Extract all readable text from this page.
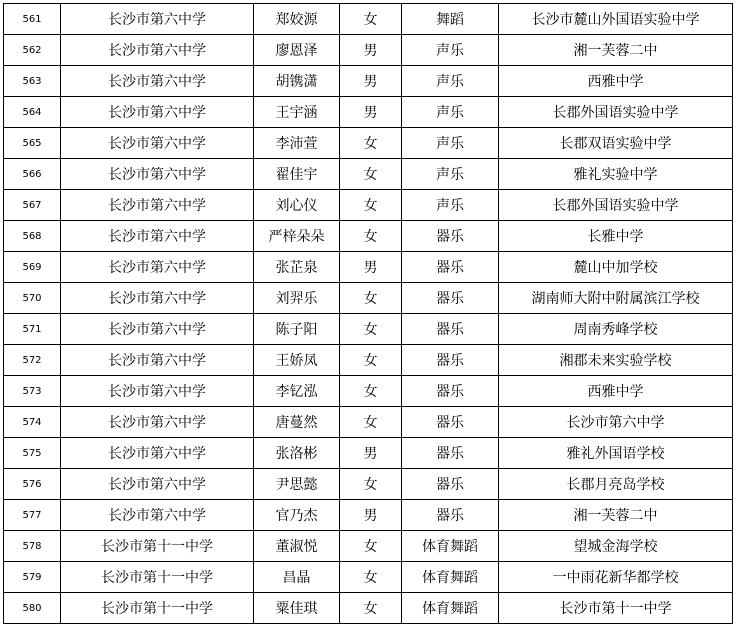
561	长沙市第六中学	郑姣源	女	舞蹈	长沙市麓山外国语实验中学
562	长沙市第六中学	廖恩泽	男	声乐	湘一芙蓉二中
563	长沙市第六中学	胡镌潇	男	声乐	西雅中学
564	长沙市第六中学	王宇涵	男	声乐	长郡外国语实验中学
565	长沙市第六中学	李沛萱	女	声乐	长郡双语实验中学
566	长沙市第六中学	翟佳宇	女	声乐	雅礼实验中学
567	长沙市第六中学	刘心仪	女	声乐	长郡外国语实验中学
568	长沙市第六中学	严梓朵朵	女	器乐	长雅中学
569	长沙市第六中学	张芷泉	男	器乐	麓山中加学校
570	长沙市第六中学	刘羿乐	女	器乐	湖南师大附中附属滨江学校
571	长沙市第六中学	陈子阳	女	器乐	周南秀峰学校
572	长沙市第六中学	王娇凤	女	器乐	湘郡未来实验学校
573	长沙市第六中学	李钇泓	女	器乐	西雅中学
574	长沙市第六中学	唐蔓然	女	器乐	长沙市第六中学
575	长沙市第六中学	张洛彬	男	器乐	雅礼外国语学校
576	长沙市第六中学	尹思懿	女	器乐	长郡月亮岛学校
577	长沙市第六中学	官乃杰	男	器乐	湘一芙蓉二中
578	长沙市第十一中学	董淑悦	女	体育舞蹈	望城金海学校
579	长沙市第十一中学	昌晶	女	体育舞蹈	一中雨花新华都学校
580	长沙市第十一中学	粟佳琪	女	体育舞蹈	长沙市第十一中学
